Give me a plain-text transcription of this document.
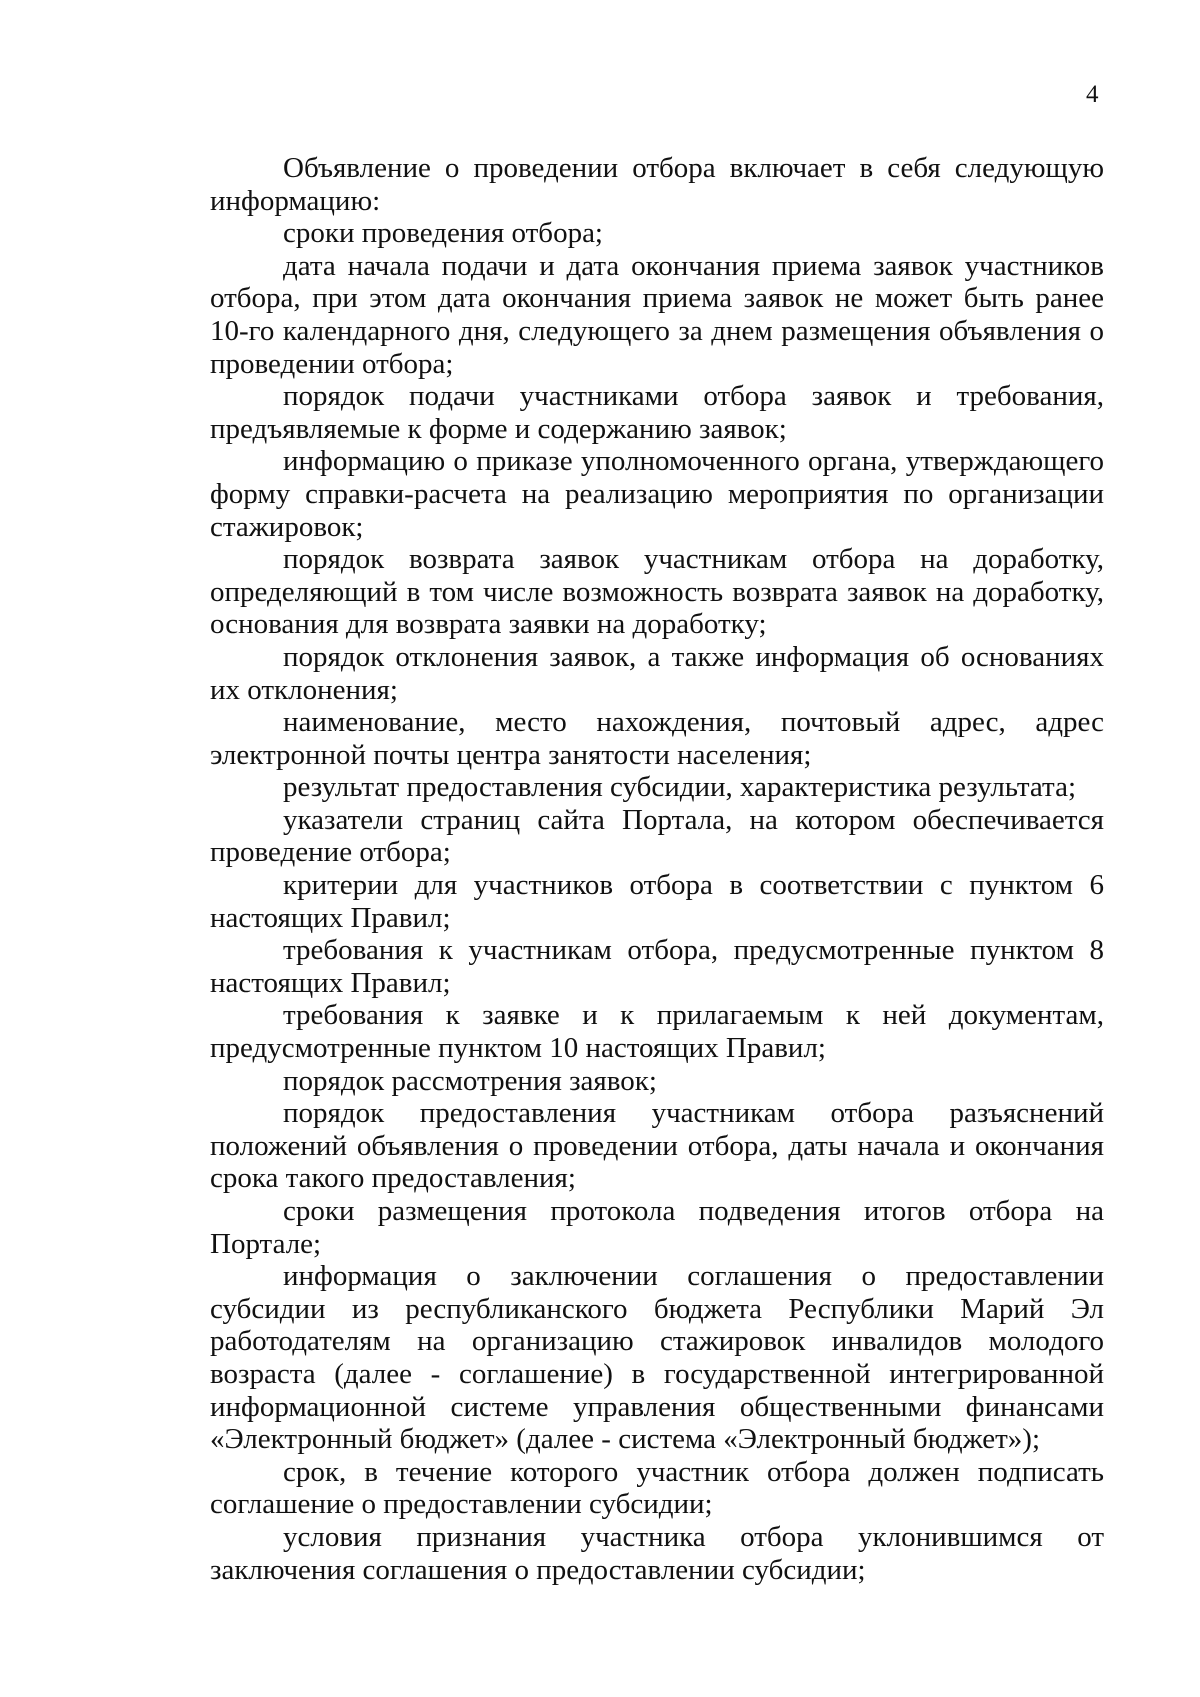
4

Объявление о проведении отбора включает в себя следующую информацию:

сроки проведения отбора;

дата начала подачи и дата окончания приема заявок участников отбора, при этом дата окончания приема заявок не может быть ранее 10-го календарного дня, следующего за днем размещения объявления о проведении отбора;

порядок подачи участниками отбора заявок и требования, предъявляемые к форме и содержанию заявок;

информацию о приказе уполномоченного органа, утверждающего форму справки-расчета на реализацию мероприятия по организации стажировок;

порядок возврата заявок участникам отбора на доработку, определяющий в том числе возможность возврата заявок на доработку, основания для возврата заявки на доработку;

порядок отклонения заявок, а также информация об основаниях их отклонения;

наименование, место нахождения, почтовый адрес, адрес электронной почты центра занятости населения;

результат предоставления субсидии, характеристика результата;

указатели страниц сайта Портала, на котором обеспечивается проведение отбора;

критерии для участников отбора в соответствии с пунктом 6 настоящих Правил;

требования к участникам отбора, предусмотренные пунктом 8 настоящих Правил;

требования к заявке и к прилагаемым к ней документам, предусмотренные пунктом 10 настоящих Правил;

порядок рассмотрения заявок;

порядок предоставления участникам отбора разъяснений положений объявления о проведении отбора, даты начала и окончания срока такого предоставления;

сроки размещения протокола подведения итогов отбора на Портале;

информация о заключении соглашения о предоставлении субсидии из республиканского бюджета Республики Марий Эл работодателям на организацию стажировок инвалидов молодого возраста (далее - соглашение) в государственной интегрированной информационной системе управления общественными финансами «Электронный бюджет» (далее - система «Электронный бюджет»);

срок, в течение которого участник отбора должен подписать соглашение о предоставлении субсидии;

условия признания участника отбора уклонившимся от заключения соглашения о предоставлении субсидии;
